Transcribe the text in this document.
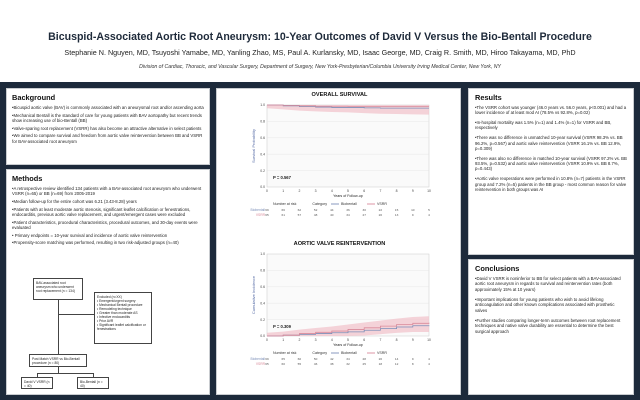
Bicuspid-Associated Aortic Root Aneurysm: 10-Year Outcomes of David V Versus the Bio-Bentall Procedure
Stephanie N. Nguyen, MD, Tsuyoshi Yamabe, MD, Yanling Zhao, MS, Paul A. Kurlansky, MD, Isaac George, MD, Craig R. Smith, MD, Hiroo Takayama, MD, PhD
Division of Cardiac, Thoracic, and Vascular Surgery, Department of Surgery, New York-Presbyterian/Columbia University Irving Medical Center, New York, NY
Background

•Bicuspid aortic valve (BAV) is commonly associated with an aneurysmal root and/or ascending aorta

•Mechanical Bentall is the standard of care for young patients with BAV aortopathy but recent trends show increasing use of bio-Bentall (BB)

•Valve-sparing root replacement (VSRR) has also become an attractive alternative in select patients

•We aimed to compare survival and freedom from aortic valve reintervention between BB and VSRR for BAV-associated root aneurysm

Methods

•A retrospective review identified 134 patients with a BAV-associated root aneurysm who underwent VSRR (n=65) or BB (n=69) from 2005-2019

•Median follow-up for the entire cohort was 6.21 (3.43-8.28) years

•Patients with at least moderate aortic stenosis, significant leaflet calcification or fenestrations, endocarditis, previous aortic valve replacement, and urgent/emergent cases were excluded

•Patient characteristics, procedural characteristics, procedural outcomes, and 30-day events were evaluated

• Primary endpoints = 10-year survival and incidence of aortic valve reintervention

•Propensity-score matching was performed, resulting in two risk-adjusted groups (n=40)

BAV-associated root aneurysm who underwent root replacement (n = 134)
Excluded (n=XX)
• Emergent/urgent surgery
• Mechanical Bentall procedure
• Remodeling technique
• Greater than moderate AS
• Infective endocarditis
• Prior AVR
• Significant leaflet calcification or fenestrations
Post Match VSRR vs Bio-Bentall procedure (n = 80)
David V VSRR (n = 40)
Bio-Bentall (n = 40)
OVERALL SURVIVAL
0.0
0.2
0.4
0.6
0.8
1.0
0	1	2	3	4	5	6	7	8	9	10
Years of Follow-up
Survival Probability
P = 0.567
Number at risk	Category	Biobentall	VSRR
Biobentall 69	66	62	52	44	36	30	22	15	10	5
VSRR 65	61	57	48	40	34	27	20	13	9	4
AORTIC VALVE REINTERVENTION
0.0
0.2
0.4
0.6
0.8
1.0
0	1	2	3	4	5	6	7	8	9	10
Years of Follow-up
Cumulative Incidence
P = 0.309
Number at risk	Category	Biobentall	VSRR
Biobentall 69	65	60	50	42	34	28	20	14	9	4
VSRR 65	60	55	46	38	32	25	18	12	8	4
Results

•The VSRR cohort was younger (46.0 years vs. 56.0 years, p<0.001) and had a lower incidence of at least mod AI (78.5% vs 92.8%, p=0.02)

•In-hospital mortality was 1.5% (n=1) and 1.4% (n=1) for VSRR and BB, respectively

•There was no difference in unmatched 10-year survival (VSRR 98.3% vs. BB 96.2%, p=0.567) and aortic valve reintervention (VSRR 16.1% vs. BB 12.9%, p=0.309)

•There was also no difference in matched 10-year survival (VSRR 97.2% vs. BB 93.5%, p=0.532) and aortic valve reintervention (VSRR 10.9% vs. BB 8.7%, p=0.443)

•Aortic valve reoperations were performed in 10.8% (n=7) patients in the VSRR group and 7.2% (n=5) patients in the BB group - most common reason for valve reintervention in both groups was AI

Conclusions

•David V VSRR is noninferior to BB for select patients with a BAV-associated aortic root aneurysm in regards to survival and reintervention rates (both approximately 15% at 10 years)

•Important implications for young patients who wish to avoid lifelong anticoagulation and other known complications associated with prosthetic valves

•Further studies comparing longer-term outcomes between root replacement techniques and native valve durability are essential to determine the best surgical approach
